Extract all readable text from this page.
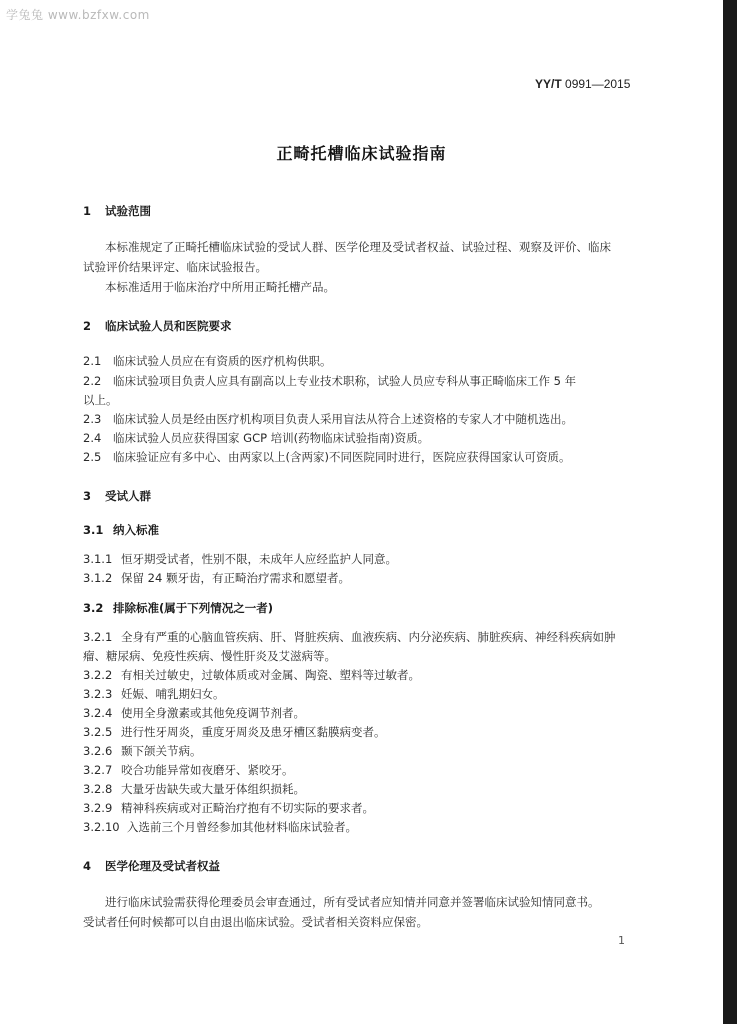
学兔兔 www.bzfxw.com
YY/T 0991—2015
正畸托槽临床试验指南
1 试验范围
本标准规定了正畸托槽临床试验的受试人群、医学伦理及受试者权益、试验过程、观察及评价、临床
试验评价结果评定、临床试验报告。
本标准适用于临床治疗中所用正畸托槽产品。
2 临床试验人员和医院要求
2.1 临床试验人员应在有资质的医疗机构供职。
2.2 临床试验项目负责人应具有副高以上专业技术职称，试验人员应专科从事正畸临床工作 5 年
以上。
2.3 临床试验人员是经由医疗机构项目负责人采用盲法从符合上述资格的专家人才中随机选出。
2.4 临床试验人员应获得国家 GCP 培训(药物临床试验指南)资质。
2.5 临床验证应有多中心、由两家以上(含两家)不同医院同时进行，医院应获得国家认可资质。
3 受试人群
3.1 纳入标准
3.1.1 恒牙期受试者，性别不限，未成年人应经监护人同意。
3.1.2 保留 24 颗牙齿，有正畸治疗需求和愿望者。
3.2 排除标准(属于下列情况之一者)
3.2.1 全身有严重的心脑血管疾病、肝、肾脏疾病、血液疾病、内分泌疾病、肺脏疾病、神经科疾病如肿
瘤、糖尿病、免疫性疾病、慢性肝炎及艾滋病等。
3.2.2 有相关过敏史，过敏体质或对金属、陶瓷、塑料等过敏者。
3.2.3 妊娠、哺乳期妇女。
3.2.4 使用全身激素或其他免疫调节剂者。
3.2.5 进行性牙周炎，重度牙周炎及患牙槽区黏膜病变者。
3.2.6 颞下颌关节病。
3.2.7 咬合功能异常如夜磨牙、紧咬牙。
3.2.8 大量牙齿缺失或大量牙体组织损耗。
3.2.9 精神科疾病或对正畸治疗抱有不切实际的要求者。
3.2.10 入选前三个月曾经参加其他材料临床试验者。
4 医学伦理及受试者权益
进行临床试验需获得伦理委员会审查通过，所有受试者应知情并同意并签署临床试验知情同意书。
受试者任何时候都可以自由退出临床试验。受试者相关资料应保密。
1
